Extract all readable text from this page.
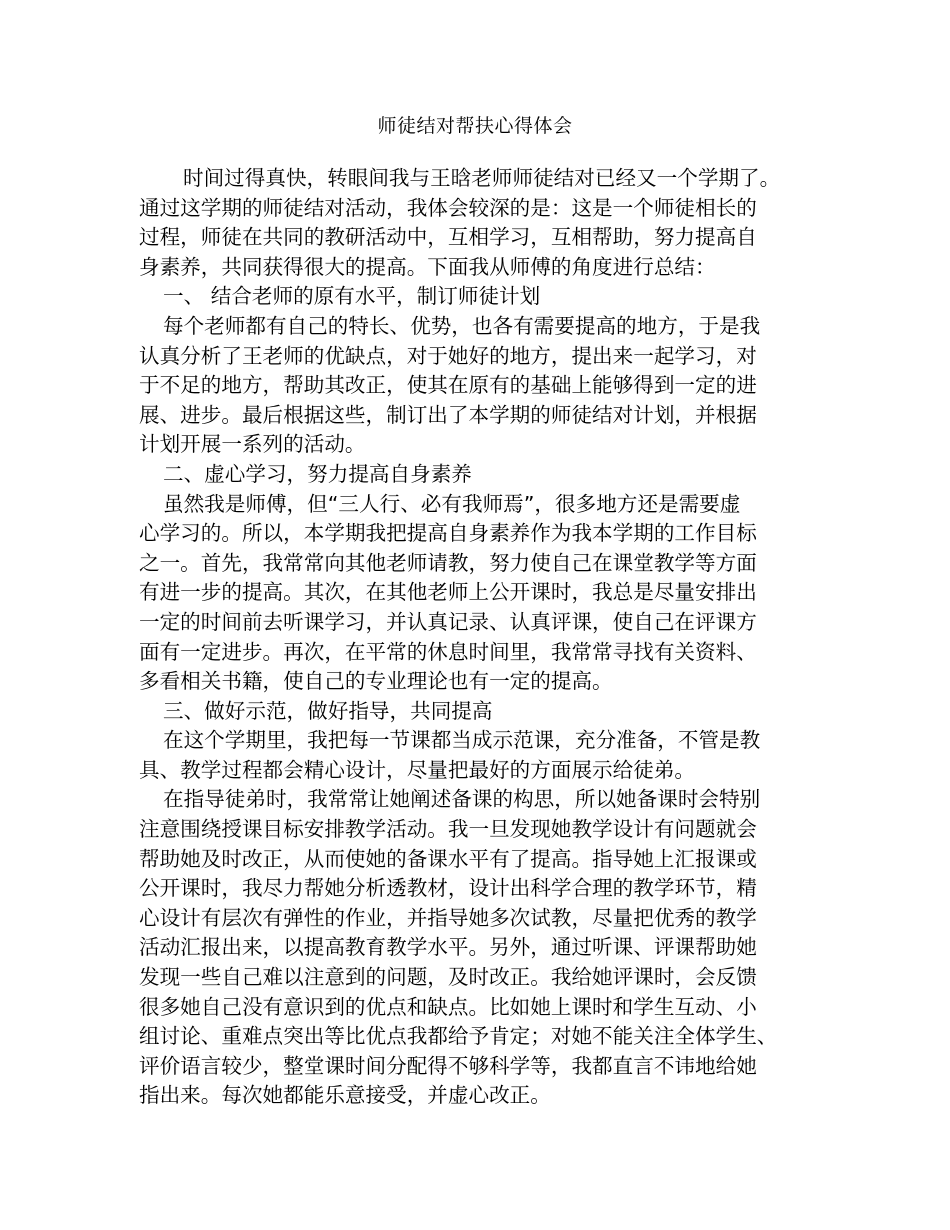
师徒结对帮扶心得体会
时间过得真快，转眼间我与王晗老师师徒结对已经又一个学期了。
通过这学期的师徒结对活动，我体会较深的是：这是一个师徒相长的
过程，师徒在共同的教研活动中，互相学习，互相帮助，努力提高自
身素养，共同获得很大的提高。下面我从师傅的角度进行总结：
一、 结合老师的原有水平，制订师徒计划
每个老师都有自己的特长、优势，也各有需要提高的地方，于是我
认真分析了王老师的优缺点，对于她好的地方，提出来一起学习，对
于不足的地方，帮助其改正，使其在原有的基础上能够得到一定的进
展、进步。最后根据这些，制订出了本学期的师徒结对计划，并根据
计划开展一系列的活动。
二、虚心学习，努力提高自身素养
虽然我是师傅，但“三人行、必有我师焉”，很多地方还是需要虚
心学习的。所以，本学期我把提高自身素养作为我本学期的工作目标
之一。首先，我常常向其他老师请教，努力使自己在课堂教学等方面
有进一步的提高。其次，在其他老师上公开课时，我总是尽量安排出
一定的时间前去听课学习，并认真记录、认真评课，使自己在评课方
面有一定进步。再次，在平常的休息时间里，我常常寻找有关资料、
多看相关书籍，使自己的专业理论也有一定的提高。
三、做好示范，做好指导，共同提高
在这个学期里，我把每一节课都当成示范课，充分准备，不管是教
具、教学过程都会精心设计，尽量把最好的方面展示给徒弟。
在指导徒弟时，我常常让她阐述备课的构思，所以她备课时会特别
注意围绕授课目标安排教学活动。我一旦发现她教学设计有问题就会
帮助她及时改正，从而使她的备课水平有了提高。指导她上汇报课或
公开课时，我尽力帮她分析透教材，设计出科学合理的教学环节，精
心设计有层次有弹性的作业，并指导她多次试教，尽量把优秀的教学
活动汇报出来，以提高教育教学水平。另外，通过听课、评课帮助她
发现一些自己难以注意到的问题，及时改正。我给她评课时，会反馈
很多她自己没有意识到的优点和缺点。比如她上课时和学生互动、小
组讨论、重难点突出等比优点我都给予肯定；对她不能关注全体学生、
评价语言较少，整堂课时间分配得不够科学等，我都直言不讳地给她
指出来。每次她都能乐意接受，并虚心改正。
